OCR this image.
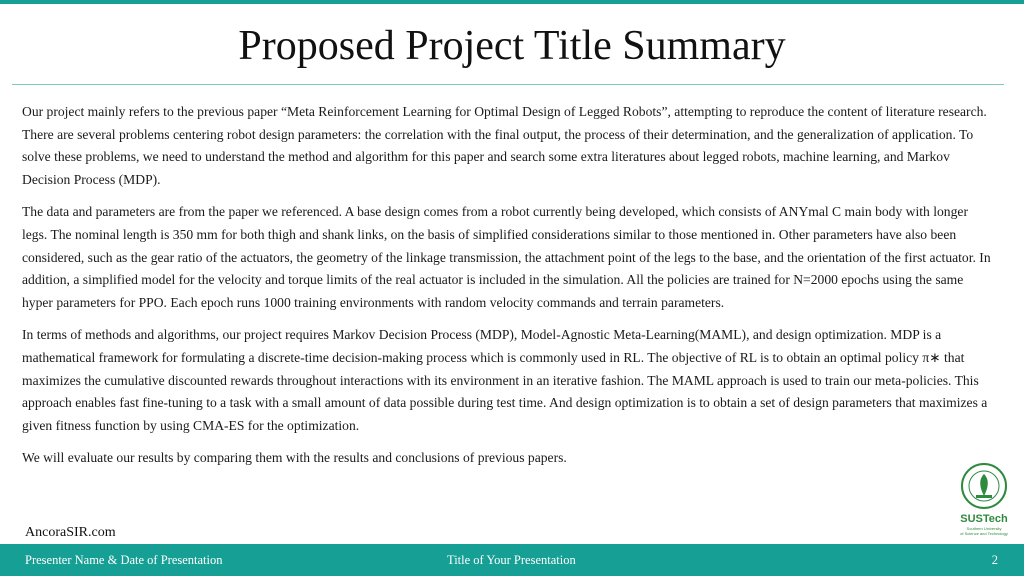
Proposed Project Title Summary

Our project mainly refers to the previous paper “Meta Reinforcement Learning for Optimal Design of Legged Robots”, attempting to reproduce the content of literature research. There are several problems centering robot design parameters: the correlation with the final output, the process of their determination, and the generalization of application. To solve these problems, we need to understand the method and algorithm for this paper and search some extra literatures about legged robots, machine learning, and Markov Decision Process (MDP).

The data and parameters are from the paper we referenced. A base design comes from a robot currently being developed, which consists of ANYmal C main body with longer legs. The nominal length is 350 mm for both thigh and shank links, on the basis of simplified considerations similar to those mentioned in. Other parameters have also been considered, such as the gear ratio of the actuators, the geometry of the linkage transmission, the attachment point of the legs to the base, and the orientation of the first actuator. In addition, a simplified model for the velocity and torque limits of the real actuator is included in the simulation. All the policies are trained for N=2000 epochs using the same hyper parameters for PPO. Each epoch runs 1000 training environments with random velocity commands and terrain parameters.

In terms of methods and algorithms, our project requires Markov Decision Process (MDP), Model-Agnostic Meta-Learning(MAML), and design optimization. MDP is a mathematical framework for formulating a discrete-time decision-making process which is commonly used in RL. The objective of RL is to obtain an optimal policy π∗ that maximizes the cumulative discounted rewards throughout interactions with its environment in an iterative fashion. The MAML approach is used to train our meta-policies. This approach enables fast fine-tuning to a task with a small amount of data possible during test time. And design optimization is to obtain a set of design parameters that maximizes a given fitness function by using CMA-ES for the optimization.

We will evaluate our results by comparing them with the results and conclusions of previous papers.

AncoraSIR.com
SUSTech
Southern University
of Science and Technology
Presenter Name & Date of Presentation	Title of Your Presentation	2
